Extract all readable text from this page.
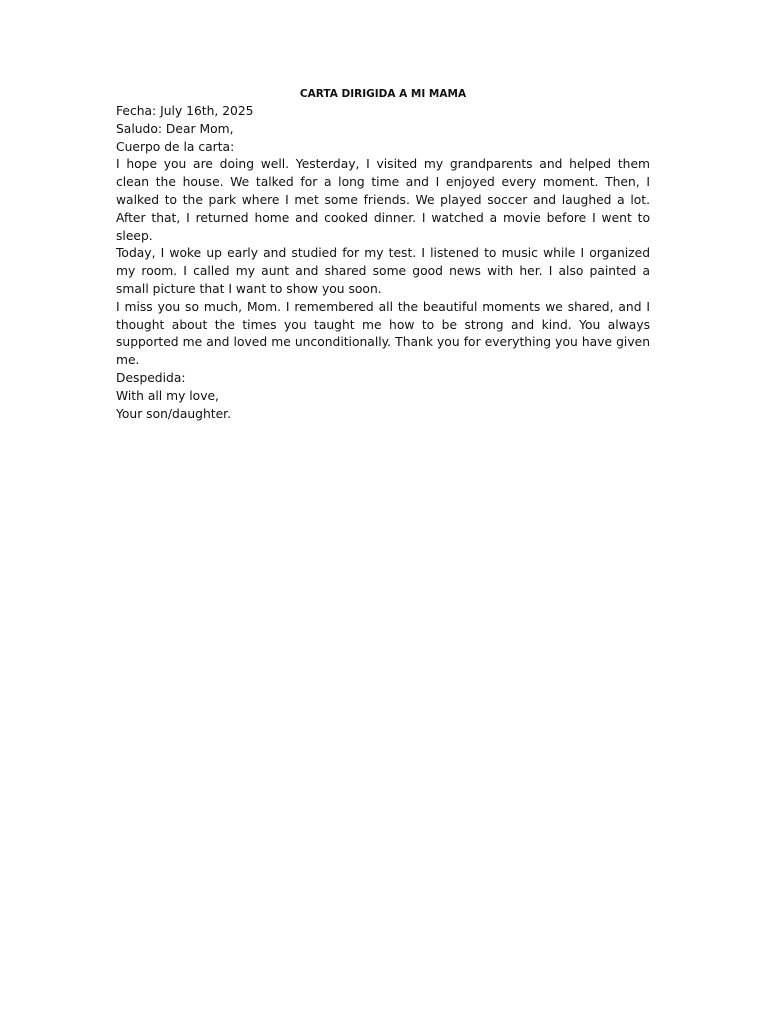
CARTA DIRIGIDA A MI MAMA

Fecha: July 16th, 2025

Saludo: Dear Mom,

Cuerpo de la carta:

I hope you are doing well. Yesterday, I visited my grandparents and helped them clean the house. We talked for a long time and I enjoyed every moment. Then, I walked to the park where I met some friends. We played soccer and laughed a lot. After that, I returned home and cooked dinner. I watched a movie before I went to sleep.

Today, I woke up early and studied for my test. I listened to music while I organized my room. I called my aunt and shared some good news with her. I also painted a small picture that I want to show you soon.

I miss you so much, Mom. I remembered all the beautiful moments we shared, and I thought about the times you taught me how to be strong and kind. You always supported me and loved me unconditionally. Thank you for everything you have given me.

Despedida:

With all my love,

Your son/daughter.
